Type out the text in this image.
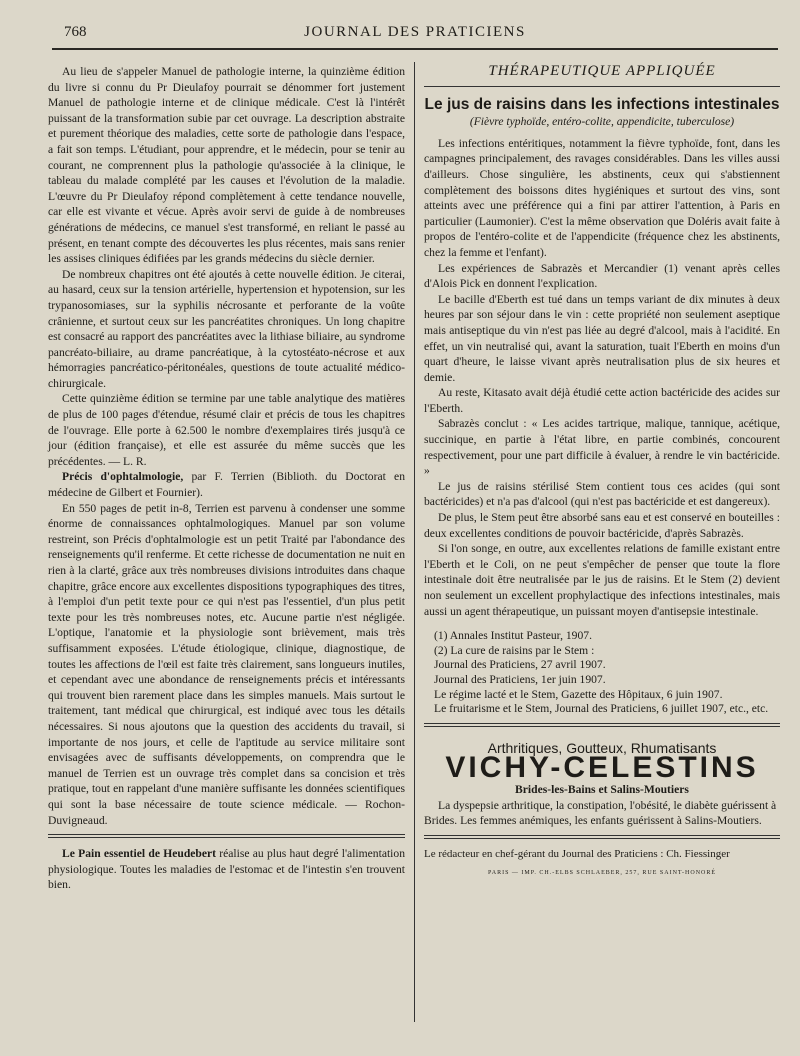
768	JOURNAL DES PRATICIENS

Au lieu de s'appeler Manuel de pathologie interne, la quinzième édition du livre si connu du Pr Dieulafoy pourrait se dénommer fort justement Manuel de pathologie interne et de clinique médicale. C'est là l'intérêt puissant de la transformation subie par cet ouvrage. La description abstraite et purement théorique des maladies, cette sorte de pathologie dans l'espace, a fait son temps. L'étudiant, pour apprendre, et le médecin, pour se tenir au courant, ne comprennent plus la pathologie qu'associée à la clinique, le tableau du malade complété par les causes et l'évolution de la maladie. L'œuvre du Pr Dieulafoy répond complètement à cette tendance nouvelle, car elle est vivante et vécue. Après avoir servi de guide à de nombreuses générations de médecins, ce manuel s'est transformé, en reliant le passé au présent, en tenant compte des découvertes les plus récentes, mais sans renier les assises cliniques édifiées par les grands médecins du siècle dernier.

De nombreux chapitres ont été ajoutés à cette nouvelle édition. Je citerai, au hasard, ceux sur la tension artérielle, hypertension et hypotension, sur les trypanosomiases, sur la syphilis nécrosante et perforante de la voûte crânienne, et surtout ceux sur les pancréatites chroniques. Un long chapitre est consacré au rapport des pancréatites avec la lithiase biliaire, au syndrome pancréato-biliaire, au drame pancréatique, à la cytostéato-nécrose et aux hémorragies pancréatico-péritonéales, questions de toute actualité médico-chirurgicale.

Cette quinzième édition se termine par une table analytique des matières de plus de 100 pages d'étendue, résumé clair et précis de tous les chapitres de l'ouvrage. Elle porte à 62.500 le nombre d'exemplaires tirés jusqu'à ce jour (édition française), et elle est assurée du même succès que les précédentes. — L. R.

Précis d'ophtalmologie, par F. Terrien (Biblioth. du Doctorat en médecine de Gilbert et Fournier).

En 550 pages de petit in-8, Terrien est parvenu à condenser une somme énorme de connaissances ophtalmologiques. Manuel par son volume restreint, son Précis d'ophtalmologie est un petit Traité par l'abondance des renseignements qu'il renferme. Et cette richesse de documentation ne nuit en rien à la clarté, grâce aux très nombreuses divisions introduites dans chaque chapitre, grâce encore aux excellentes dispositions typographiques des titres, à l'emploi d'un petit texte pour ce qui n'est pas l'essentiel, d'un plus petit texte pour les très nombreuses notes, etc. Aucune partie n'est négligée. L'optique, l'anatomie et la physiologie sont brièvement, mais très suffisamment exposées. L'étude étiologique, clinique, diagnostique, de toutes les affections de l'œil est faite très clairement, sans longueurs inutiles, et cependant avec une abondance de renseignements précis et intéressants qui trouvent bien rarement place dans les simples manuels. Mais surtout le traitement, tant médical que chirurgical, est indiqué avec tous les détails nécessaires. Si nous ajoutons que la question des accidents du travail, si importante de nos jours, et celle de l'aptitude au service militaire sont envisagées avec de suffisants développements, on comprendra que le manuel de Terrien est un ouvrage très complet dans sa concision et très pratique, tout en rappelant d'une manière suffisante les données scientifiques qui sont la base nécessaire de toute science médicale. — Rochon-Duvigneaud.

Le Pain essentiel de Heudebert réalise au plus haut degré l'alimentation physiologique. Toutes les maladies de l'estomac et de l'intestin s'en trouvent bien.

THÉRAPEUTIQUE APPLIQUÉE
Le jus de raisins dans les infections intestinales
(Fièvre typhoïde, entéro-colite, appendicite, tuberculose)

Les infections entéritiques, notamment la fièvre typhoïde, font, dans les campagnes principalement, des ravages considérables. Dans les villes aussi d'ailleurs. Chose singulière, les abstinents, ceux qui s'abstiennent complètement des boissons dites hygiéniques et surtout des vins, sont atteints avec une préférence qui a fini par attirer l'attention, à Paris en particulier (Laumonier). C'est la même observation que Doléris avait faite à propos de l'entéro-colite et de l'appendicite (fréquence chez les abstinents, chez la femme et l'enfant).

Les expériences de Sabrazès et Mercandier (1) venant après celles d'Alois Pick en donnent l'explication.

Le bacille d'Eberth est tué dans un temps variant de dix minutes à deux heures par son séjour dans le vin : cette propriété non seulement aseptique mais antiseptique du vin n'est pas liée au degré d'alcool, mais à l'acidité. En effet, un vin neutralisé qui, avant la saturation, tuait l'Eberth en moins d'un quart d'heure, le laisse vivant après neutralisation plus de six heures et demie.

Au reste, Kitasato avait déjà étudié cette action bactéricide des acides sur l'Eberth.

Sabrazès conclut : « Les acides tartrique, malique, tannique, acétique, succinique, en partie à l'état libre, en partie combinés, concourent respectivement, pour une part difficile à évaluer, à rendre le vin bactéricide. »

Le jus de raisins stérilisé Stem contient tous ces acides (qui sont bactéricides) et n'a pas d'alcool (qui n'est pas bactéricide et est dangereux).

De plus, le Stem peut être absorbé sans eau et est conservé en bouteilles : deux excellentes conditions de pouvoir bactéricide, d'après Sabrazès.

Si l'on songe, en outre, aux excellentes relations de famille existant entre l'Eberth et le Coli, on ne peut s'empêcher de penser que toute la flore intestinale doit être neutralisée par le jus de raisins. Et le Stem (2) devient non seulement un excellent prophylactique des infections intestinales, mais aussi un agent thérapeutique, un puissant moyen d'antisepsie intestinale.

(1) Annales Institut Pasteur, 1907.
(2) La cure de raisins par le Stem :
Journal des Praticiens, 27 avril 1907.
Journal des Praticiens, 1er juin 1907.
Le régime lacté et le Stem, Gazette des Hôpitaux, 6 juin 1907.
Le fruitarisme et le Stem, Journal des Praticiens, 6 juillet 1907, etc., etc.
Arthritiques, Goutteux, Rhumatisants
VICHY-CELESTINS
Brides-les-Bains et Salins-Moutiers

La dyspepsie arthritique, la constipation, l'obésité, le diabète guérissent à Brides. Les femmes anémiques, les enfants guérissent à Salins-Moutiers.

Le rédacteur en chef-gérant du Journal des Praticiens : Ch. Fiessinger
PARIS — IMP. CH.-ELBS SCHLAEBER, 257, RUE SAINT-HONORÉ
